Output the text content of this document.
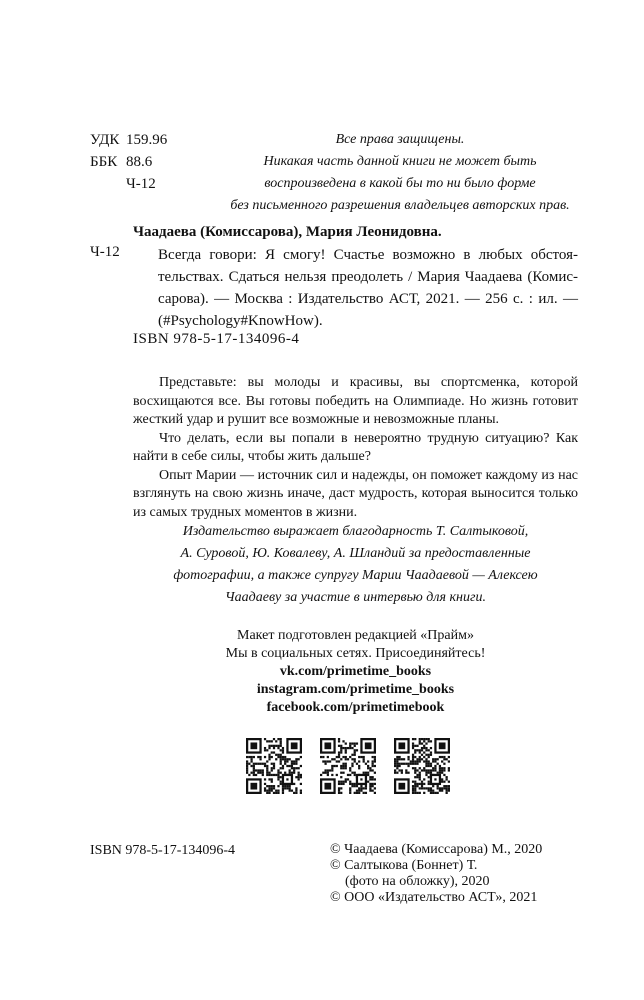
УДК 159.96
ББК 88.6
Ч-12
Все права защищены.
Никакая часть данной книги не может быть
воспроизведена в какой бы то ни было форме
без письменного разрешения владельцев авторских прав.
Чаадаева (Комиссарова), Мария Леонидовна.
Ч-12	Всегда говори: Я смогу! Счастье возможно в любых обстоя-
тельствах. Сдаться нельзя преодолеть / Мария Чаадаева (Комис-
сарова). — Москва : Издательство АСТ, 2021. — 256 с. : ил. —
(#Psychology#KnowHow).
ISBN 978-5-17-134096-4

Представьте: вы молоды и красивы, вы спортсменка, которой восхищаются все. Вы готовы победить на Олимпиаде. Но жизнь готовит жесткий удар и рушит все возможные и невозможные планы.

Что делать, если вы попали в невероятно трудную ситуацию? Как найти в себе силы, чтобы жить дальше?

Опыт Марии — источник сил и надежды, он поможет каждому из нас взглянуть на свою жизнь иначе, даст мудрость, которая выносится только из самых трудных моментов в жизни.

Издательство выражает благодарность Т. Салтыковой,
А. Суровой, Ю. Ковалеву, А. Шландий за предоставленные
фотографии, а также супругу Марии Чаадаевой — Алексею
Чаадаеву за участие в интервью для книги.
Макет подготовлен редакцией «Прайм»
Мы в социальных сетях. Присоединяйтесь!
vk.com/primetime_books
instagram.com/primetime_books
facebook.com/primetimebook
ISBN 978-5-17-134096-4	© Чаадаева (Комиссарова) М., 2020
© Салтыкова (Боннет) Т.
(фото на обложку), 2020
© ООО «Издательство АСТ», 2021
